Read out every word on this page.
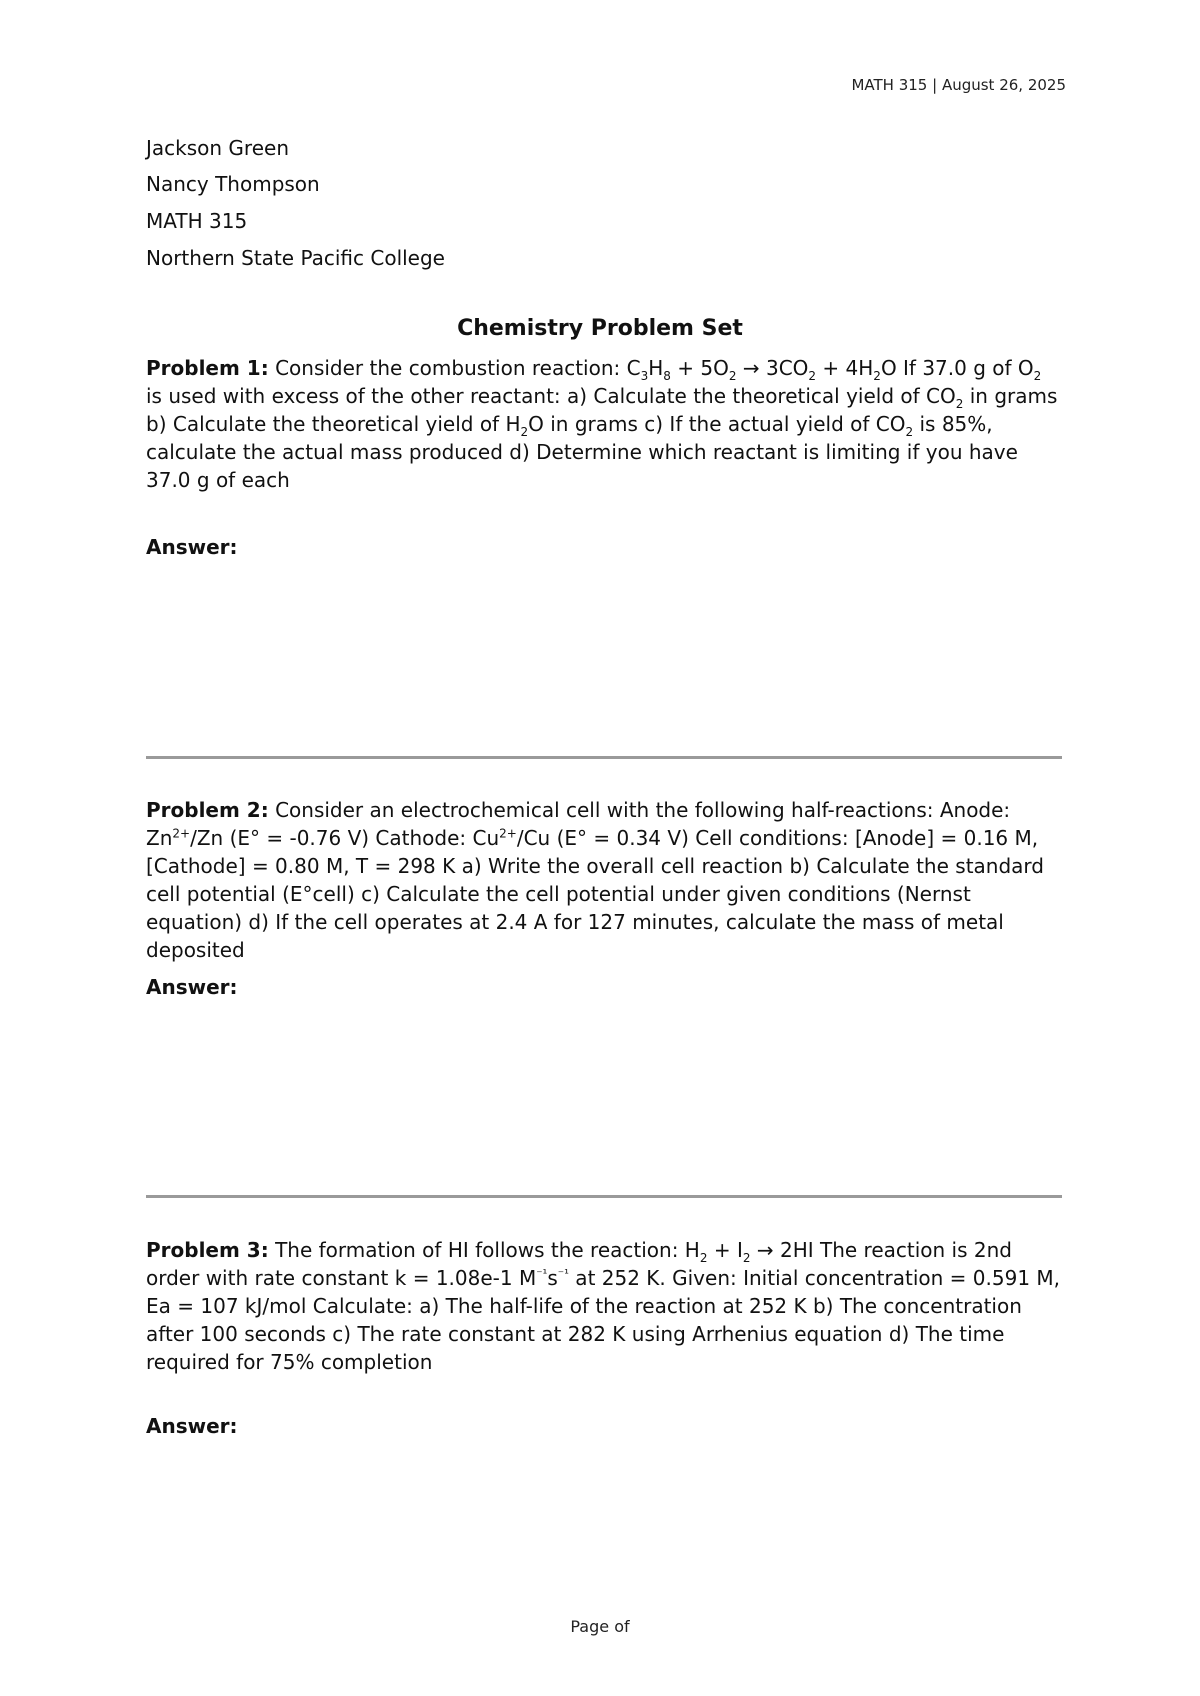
MATH 315 | August 26, 2025
Jackson Green
Nancy Thompson
MATH 315
Northern State Pacific College
Chemistry Problem Set
Problem 1: Consider the combustion reaction: $C_3H_8 + 5O_2 \to 3CO_2 + 4H_2O$ If 37.0 g of $O_2$ is used with excess of the other reactant: a) Calculate the theoretical yield of $CO_2$ in grams b) Calculate the theoretical yield of $H_2O$ in grams c) If the actual yield of $CO_2$ is 85%, calculate the actual mass produced d) Determine which reactant is limiting if you have 37.0 g of each
Answer:
Problem 2: Consider an electrochemical cell with the following half-reactions: Anode: $Zn^{2+}/Zn$ (E° = -0.76 V) Cathode: $Cu^{2+}/Cu$ (E° = 0.34 V) Cell conditions: [Anode] = 0.16 M, [Cathode] = 0.80 M, T = 298 K a) Write the overall cell reaction b) Calculate the standard cell potential (E°cell) c) Calculate the cell potential under given conditions (Nernst equation) d) If the cell operates at 2.4 A for 127 minutes, calculate the mass of metal deposited
Answer:
Problem 3: The formation of HI follows the reaction: $H_2 + I_2 \to 2HI$ The reaction is 2nd order with rate constant k = 1.08e-1 $M^{^{-1}}s^{^{-1}}$ at 252 K. Given: Initial concentration = 0.591 M, Ea = 107 kJ/mol Calculate: a) The half-life of the reaction at 252 K b) The concentration after 100 seconds c) The rate constant at 282 K using Arrhenius equation d) The time required for 75% completion
Answer:
Page of
